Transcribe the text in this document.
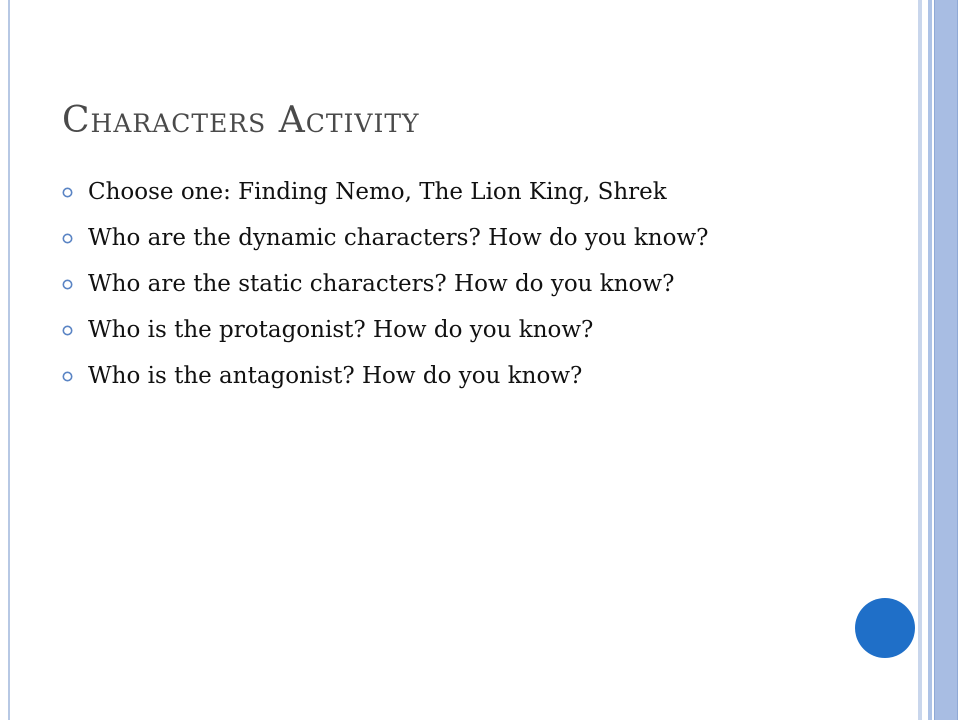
Characters Activity
Choose one: Finding Nemo, The Lion King, Shrek
Who are the dynamic characters? How do you know?
Who are the static characters? How do you know?
Who is the protagonist? How do you know?
Who is the antagonist? How do you know?
